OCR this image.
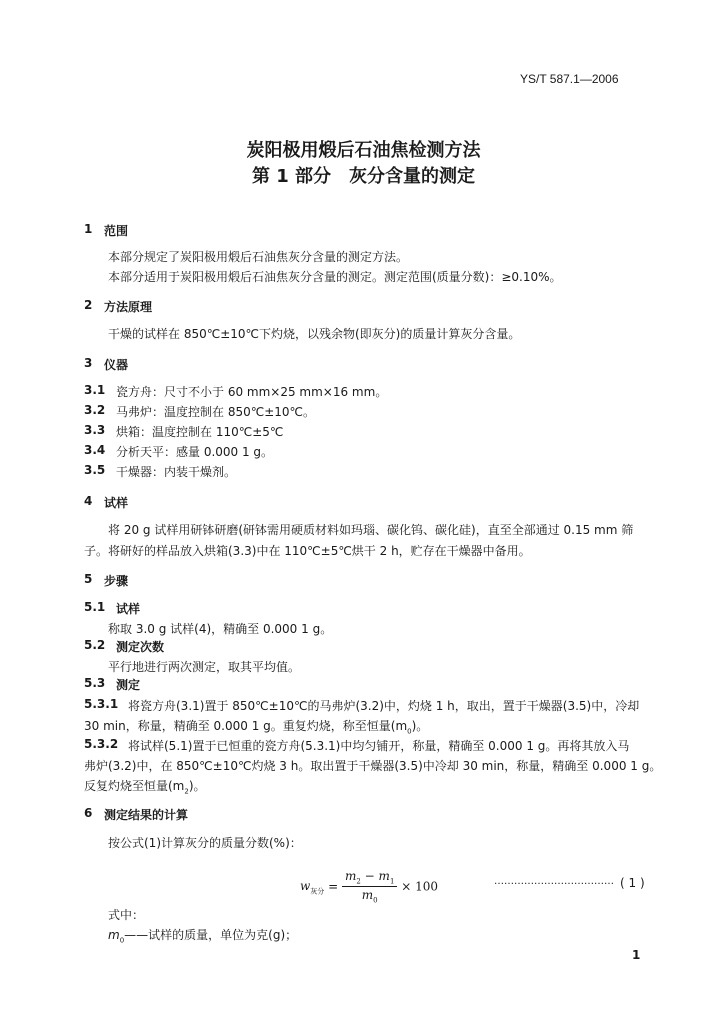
YS/T 587.1—2006
炭阳极用煅后石油焦检测方法
第 1 部分　灰分含量的测定
1 范围
本部分规定了炭阳极用煅后石油焦灰分含量的测定方法。
本部分适用于炭阳极用煅后石油焦灰分含量的测定。测定范围(质量分数)：≥0.10%。
2 方法原理
干燥的试样在 850℃±10℃下灼烧，以残余物(即灰分)的质量计算灰分含量。
3 仪器
3.1 瓷方舟：尺寸不小于 60 mm×25 mm×16 mm。
3.2 马弗炉：温度控制在 850℃±10℃。
3.3 烘箱：温度控制在 110℃±5℃
3.4 分析天平：感量 0.000 1 g。
3.5 干燥器：内装干燥剂。
4 试样
将 20 g 试样用研钵研磨(研钵需用硬质材料如玛瑙、碳化钨、碳化硅)，直至全部通过 0.15 mm 筛
子。将研好的样品放入烘箱(3.3)中在 110℃±5℃烘干 2 h，贮存在干燥器中备用。
5 步骤
5.1 试样
称取 3.0 g 试样(4)，精确至 0.000 1 g。
5.2 测定次数
平行地进行两次测定，取其平均值。
5.3 测定
5.3.1 将瓷方舟(3.1)置于 850℃±10℃的马弗炉(3.2)中，灼烧 1 h，取出，置于干燥器(3.5)中，冷却
30 min，称量，精确至 0.000 1 g。重复灼烧，称至恒量$(m_0)$。
5.3.2 将试样(5.1)置于已恒重的瓷方舟(5.3.1)中均匀铺开，称量，精确至 0.000 1 g。再将其放入马
弗炉(3.2)中，在 850℃±10℃灼烧 3 h。取出置于干燥器(3.5)中冷却 30 min，称量，精确至 0.000 1 g。
反复灼烧至恒量$(m_2)$。
6 测定结果的计算
按公式(1)计算灰分的质量分数(%)：
$w_{灰分} = \frac{m_2 - m_1}{m_0} \times 100$	……………………………… ( 1 )
式中：
$m_0——$试样的质量，单位为克(g)；
1
